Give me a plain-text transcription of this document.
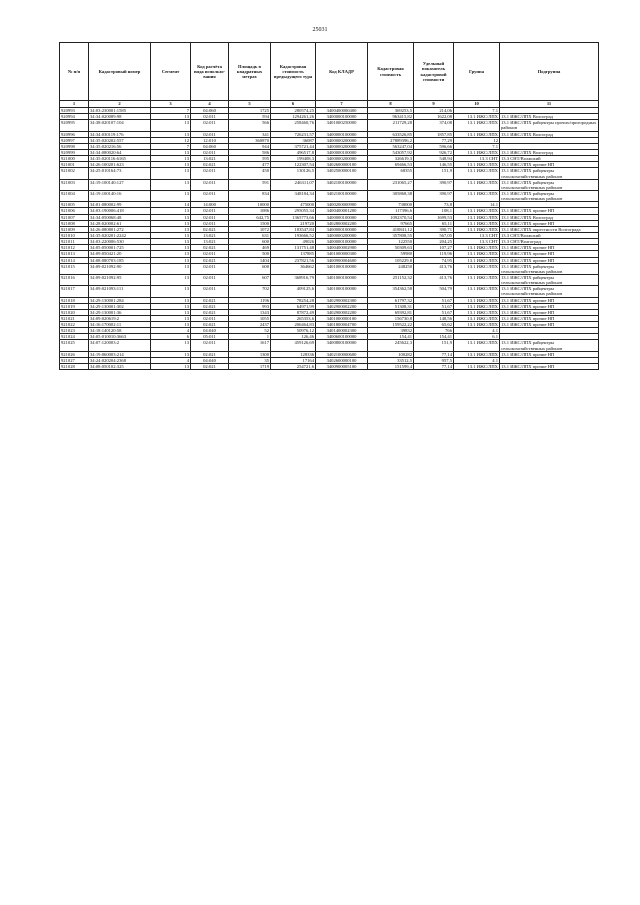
25031
№ п/п	Кадастровый номер	Сегмент	Код расчёта вида использо-вания	Площадь в квадратных метрах	Кадастровая стоимость предыдущего тура	Код КЛАДР	Кадастровая стоимость	Удельный показатель кадастровой стоимости	Группа	Подгруппа
1	2	3	4	5	6	7	8	9	10	11
920993	34:03:230001:1585	7	04:060	1725	280574,25	3400400000400	369253,5	214,06	7.1	
920994	34:34:020089:98	13	02:011	594	1294261,26	3400000100000	963415,82	1622,08	13.1 ИЖС/ЛПХ	13.1 ИЖС/ЛПХ Волгоград
920995	34:38:020107:104	13	02:011	566	258460,76	3401000250000	211729,28	374,08	13.1 ИЖС/ЛПХ	13.1 ИЖС/ЛПХ райцентры прочих/пригородных районов
920996	34:34:030119:176	13	02:011	341	726231,57	3400000100000	633526,85	1857,85	13.1 ИЖС/ЛПХ	13.1 ИЖС/ЛПХ Волгоград
920997	34:35:020202:557	12	12:010	360870	36087	3400000200000	27889396,2	77,29	12	
920998	34:35:020216:56	7	04:060	944	375721,44	3400000200000	563247,04	596,66	7.1	
920999	34:34:080020:64	13	02:011	586	496517,8	3400000100000	543057,92	926,72	13.1 ИЖС/ЛПХ	13.1 ИЖС/ЛПХ Волгоград
921000	34:35:020116:6165	13	13:021	595	199408,3	3400000200000	326619,3	548,94	13.3 СНТ	13.3 СНТ/Волжский
921001	34:26:100201:623	13	02:021	477	122307,54	3402600000100	69466,53	146,55	13.1 ИЖС/ЛПХ	13.1 ИЖС/ЛПХ прочие НП
921002	34:25:010164:73	13	02:011	450	130126,5	3402500000100	68355	151,9	13.1 ИЖС/ЛПХ	13.1 ИЖС/ЛПХ райцентры сельскохозяйственных районов
921003	34:19:100140:127	13	02:011	591	246311,07	3402100100000	231065,27	390,97	13.1 ИЖС/ЛПХ	13.1 ИЖС/ЛПХ райцентры сельскохозяйственных районов
921004	34:19:100140:16	13	02:011	834	348184,34	3402100100000	305868,38	390,97	13.1 ИЖС/ЛПХ	13.1 ИЖС/ЛПХ райцентры сельскохозяйственных районов
921005	34:01:080002:99	14	14:000	10000	475000	3400200000900	738000	73,8	14.1	
921006	34:03:190006:418	13	02:011	1086	295055,34	3400400001200	117396,6	108,1	13.1 ИЖС/ЛПХ	13.1 ИЖС/ЛПХ прочие НП
921007	34:34:050068:48	13	02:011	642,75	1365773,66	3400000100000	1092370,54	1699,53	13.1 ИЖС/ЛПХ	13.1 ИЖС/ЛПХ Волгоград
921008	34:28:020002:61	13	02:011	1500	219720	3402800002200	97665	65,11	13.1 ИЖС/ЛПХ	13.1 ИЖС/ЛПХ прочие НП
921009	34:26:080801:272	13	02:021	1072	183547,84	3400000100000	418841,12	390,71	13.1 ИЖС/ЛПХ	13.1 ИЖС/ЛПХ окрестности Волгограда
921010	34:35:020201:2242	13	13:021	631	193666,52	3400000200000	357808,55	567,05	13.3 СНТ	13.3 СНТ/Волжский
921011	34:03:220006:530	13	13:021	600	49026	3400000100000	122550	204,25	13.3 СНТ	13.3 СНТ/Волгоград
921012	34:05:050001:725	13	02:021	469	131751,48	3400400002900	50309,63	107,27	13.1 ИЖС/ЛПХ	13.1 ИЖС/ЛПХ прочие НП
921013	34:09:050421:20	13	02:011	500	137885	3401000000300	59980	119,96	13.1 ИЖС/ЛПХ	13.1 ИЖС/ЛПХ прочие НП
921014	34:08:080703:185	13	02:021	1404	237821,56	3400900004600	105229,8	74,95	13.1 ИЖС/ЛПХ	13.1 ИЖС/ЛПХ прочие НП
921015	34:09:021092:90	13	02:011	600	364662	3401000100000	248250	413,76	13.1 ИЖС/ЛПХ	13.1 ИЖС/ЛПХ райцентры сельскохозяйственных районов
921016	34:09:021092:95	13	02:011	607	368916,79	3401000100000	251152,32	413,76	13.1 ИЖС/ЛПХ	13.1 ИЖС/ЛПХ райцентры сельскохозяйственных районов
921017	34:09:021093:111	13	02:011	702	409125,6	3401000100000	354362,58	504,79	13.1 ИЖС/ЛПХ	13.1 ИЖС/ЛПХ райцентры сельскохозяйственных районов
921018	34:29:130001:284	13	02:021	1196	78254,28	3402900002300	61797,32	51,67	13.1 ИЖС/ЛПХ	13.1 ИЖС/ЛПХ прочие НП
921019	34:29:130001:302	13	02:021	993	64971,99	3402900002200	51308,31	51,67	13.1 ИЖС/ЛПХ	13.1 ИЖС/ЛПХ прочие НП
921020	34:29:130001:36	13	02:021	1343	87872,49	3402900002200	69392,81	51,67	13.1 ИЖС/ЛПХ	13.1 ИЖС/ЛПХ прочие НП
921021	34:09:020619:2	13	02:011	1055	265353,6	3401000000100	156730,8	148,56	13.1 ИЖС/ЛПХ	13.1 ИЖС/ЛПХ прочие НП
921022	34:16:170002:11	13	02:021	2437	206464,83	3401800004700	159522,22	65,62	13.1 ИЖС/ЛПХ	13.1 ИЖС/ЛПХ прочие НП
921023	34:18:140120:58	4	04:040	52	50976,12	3401400002300	39832	766	4.1	
921024	34:05:010010:3663	6	05:011	1	126,46	3400600100000	154,41	154,41	6.1	
921025	34:07:120003:2	13	02:011	1617	459126,69	3400800100000	245622,3	151,9	13.1 ИЖС/ЛПХ	13.1 ИЖС/ЛПХ райцентры сельскохозяйственных районов
921026	34:19:060003:214	13	02:021	1300	128336	3402100000600	100282	77,14	13.1 ИЖС/ЛПХ	13.1 ИЖС/ЛПХ прочие НП
921027	34:24:020204:2368	4	04:040	35	17164	3402600000100	33512,5	957,5	4.1	
921028	34:08:050102:325	13	02:021	1719	254721,6	3400900005100	151599,4	77,14	13.1 ИЖС/ЛПХ	13.1 ИЖС/ЛПХ прочие НП
